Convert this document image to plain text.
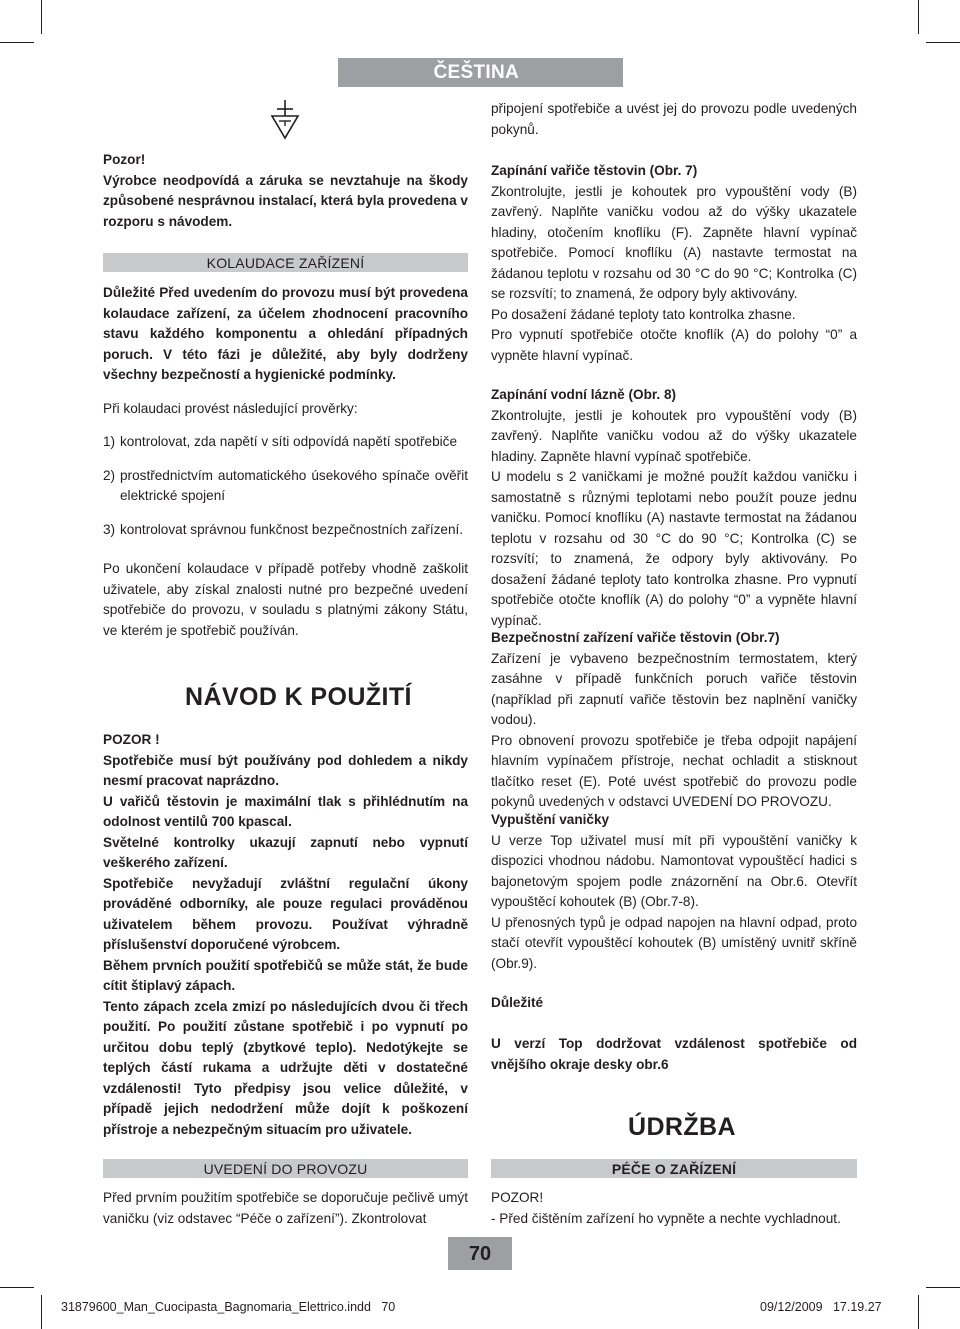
ČEŠTINA

Pozor!

Výrobce neodpovídá a záruka se nevztahuje na škody způsobené nesprávnou instalací, která byla provedena v rozporu s návodem.

KOLAUDACE ZAŘÍZENÍ

Důležité Před uvedením do provozu musí být provedena kolaudace zařízení, za účelem zhodnocení pracovního stavu každého komponentu a ohledání případných poruch. V této fázi je důležité, aby byly dodrženy všechny bezpečností a hygienické podmínky.

Při kolaudaci provést následující prověrky:

1) kontrolovat, zda napětí v síti odpovídá napětí spotřebiče
2) prostřednictvím automatického úsekového spínače ověřit elektrické spojení
3) kontrolovat správnou funkčnost bezpečnostních zařízení.

Po ukončení kolaudace v případě potřeby vhodně zaškolit uživatele, aby získal znalosti nutné pro bezpečné uvedení spotřebiče do provozu, v souladu s platnými zákony Státu, ve kterém je spotřebič používán.

NÁVOD K POUŽITÍ

POZOR !

Spotřebiče musí být používány pod dohledem a nikdy nesmí pracovat naprázdno.

U vařičů těstovin je maximální tlak s přihlédnutím na odolnost ventilů 700 kpascal.

Světelné kontrolky ukazují zapnutí nebo vypnutí veškerého zařízení.

Spotřebiče nevyžadují zvláštní regulační úkony prováděné odborníky, ale pouze regulaci prováděnou uživatelem během provozu. Používat výhradně příslušenství doporučené výrobcem.

Během prvních použití spotřebičů se může stát, že bude cítit štiplavý zápach.

Tento zápach zcela zmizí po následujících dvou či třech použití. Po použití zůstane spotřebič i po vypnutí po určitou dobu teplý (zbytkové teplo). Nedotýkejte se teplých částí rukama a udržujte děti v dostatečné vzdálenosti! Tyto předpisy jsou velice důležité, v případě jejich nedodržení může dojít k poškození přístroje a nebezpečným situacím pro uživatele.

UVEDENÍ DO PROVOZU
Před prvním použitím spotřebiče se doporučuje pečlivě umýt vaničku (viz odstavec “Péče o zařízení”). Zkontrolovat

připojení spotřebiče a uvést jej do provozu podle uvedených pokynů.

Zapínání vařiče těstovin (Obr. 7)

Zkontrolujte, jestli je kohoutek pro vypouštění vody (B) zavřený. Naplňte vaničku vodou až do výšky ukazatele hladiny, otočením knoflíku (F). Zapněte hlavní vypínač spotřebiče. Pomocí knoflíku (A) nastavte termostat na žádanou teplotu v rozsahu od 30 °C do 90 °C; Kontrolka (C) se rozsvítí; to znamená, že odpory byly aktivovány.

Po dosažení žádané teploty tato kontrolka zhasne.

Pro vypnutí spotřebiče otočte knoflík (A) do polohy “0” a vypněte hlavní vypínač.

Zapínání vodní lázně (Obr. 8)

Zkontrolujte, jestli je kohoutek pro vypouštění vody (B) zavřený. Naplňte vaničku vodou až do výšky ukazatele hladiny. Zapněte hlavní vypínač spotřebiče.

U modelu s 2 vaničkami je možné použít každou vaničku i samostatně s různými teplotami nebo použít pouze jednu vaničku. Pomocí knoflíku (A) nastavte termostat na žádanou teplotu v rozsahu od 30 °C do 90 °C; Kontrolka (C) se rozsvítí; to znamená, že odpory byly aktivovány. Po dosažení žádané teploty tato kontrolka zhasne. Pro vypnutí spotřebiče otočte knoflík (A) do polohy “0” a vypněte hlavní vypínač.

Bezpečnostní zařízení vařiče těstovin (Obr.7)

Zařízení je vybaveno bezpečnostním termostatem, který zasáhne v případě funkčních poruch vařiče těstovin (například při zapnutí vařiče těstovin bez naplnění vaničky vodou).

Pro obnovení provozu spotřebiče je třeba odpojit napájení hlavním vypínačem přístroje, nechat ochladit a stisknout tlačítko reset (E). Poté uvést spotřebič do provozu podle pokynů uvedených v odstavci UVEDENÍ DO PROVOZU.

Vypuštění vaničky

U verze Top uživatel musí mít při vypouštění vaničky k dispozici vhodnou nádobu. Namontovat vypouštěcí hadici s bajonetovým spojem podle znázornění na Obr.6. Otevřít vypouštěcí kohoutek (B) (Obr.7-8).

U přenosných typů je odpad napojen na hlavní odpad, proto stačí otevřít vypouštěcí kohoutek (B) umístěný uvnitř skříně (Obr.9).

Důležité
U verzí Top dodržovat vzdálenost spotřebiče od vnějšího okraje desky obr.6
ÚDRŽBA
PÉČE O ZAŘÍZENÍ

POZOR!

- Před čištěním zařízení ho vypněte a nechte vychladnout.

70
31879600_Man_Cuocipasta_Bagnomaria_Elettrico.indd   70	09/12/2009   17.19.27
